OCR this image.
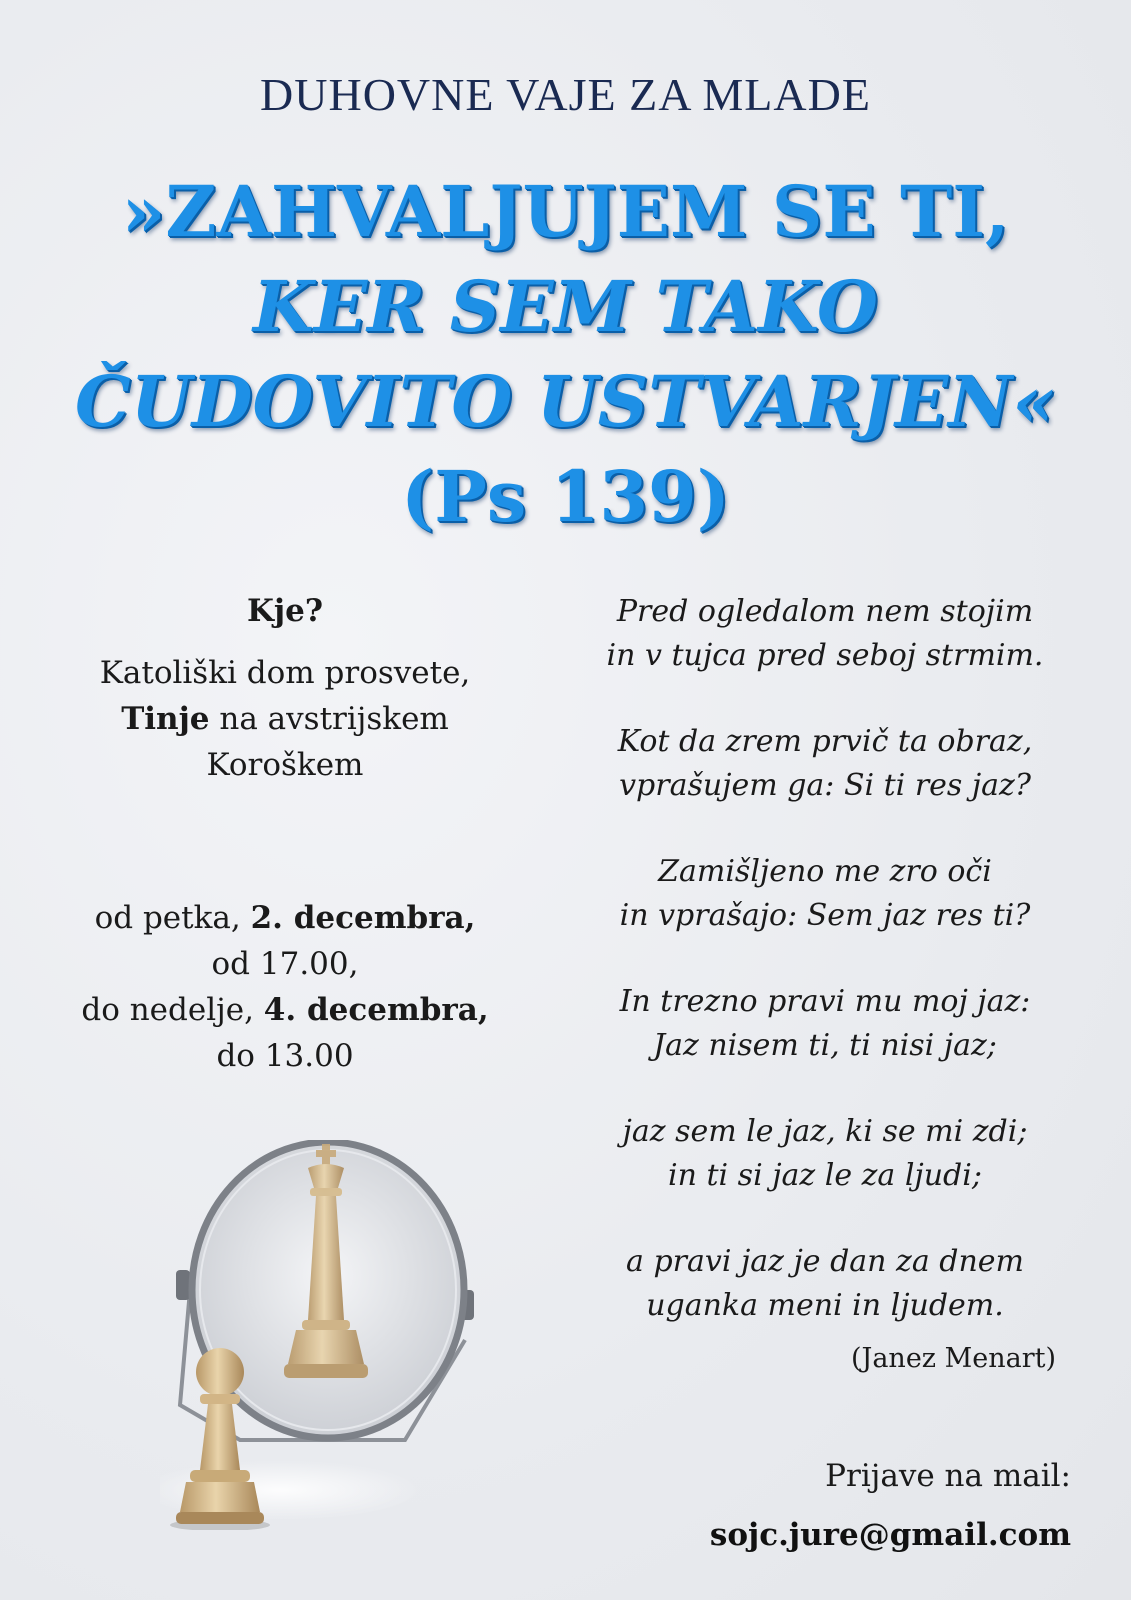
DUHOVNE VAJE ZA MLADE
»ZAHVALJUJEM SE TI,
KER SEM TAKO
ČUDOVITO USTVARJEN«
(Ps 139)
Kje?
Katoliški dom prosvete,
Tinje na avstrijskem
Koroškem
od petka, 2. decembra,
od 17.00,
do nedelje, 4. decembra,
do 13.00
Pred ogledalom nem stojim
in v tujca pred seboj strmim.
Kot da zrem prvič ta obraz,
vprašujem ga: Si ti res jaz?
Zamišljeno me zro oči
in vprašajo: Sem jaz res ti?
In trezno pravi mu moj jaz:
Jaz nisem ti, ti nisi jaz;
jaz sem le jaz, ki se mi zdi;
in ti si jaz le za ljudi;
a pravi jaz je dan za dnem
uganka meni in ljudem.
(Janez Menart)
Prijave na mail:
sojc.jure@gmail.com
